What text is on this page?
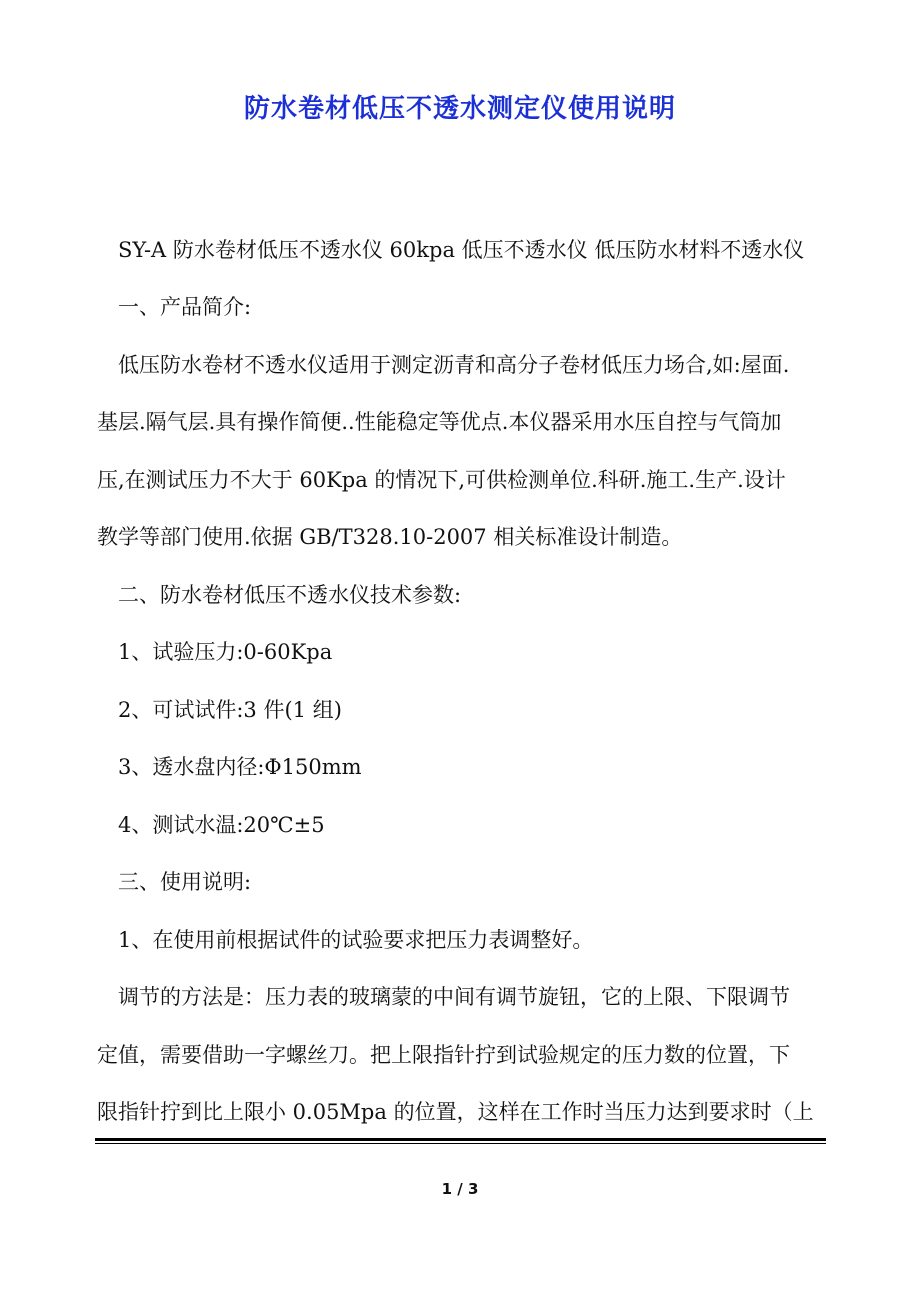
防水卷材低压不透水测定仪使用说明

SY-A 防水卷材低压不透水仪 60kpa 低压不透水仪 低压防水材料不透水仪

一、产品简介:

低压防水卷材不透水仪适用于测定沥青和高分子卷材低压力场合,如:屋面.

基层.隔气层.具有操作简便..性能稳定等优点.本仪器采用水压自控与气筒加

压,在测试压力不大于 60Kpa 的情况下,可供检测单位.科研.施工.生产.设计

教学等部门使用.依据 GB/T328.10-2007 相关标准设计制造。

二、防水卷材低压不透水仪技术参数:

1、试验压力:0-60Kpa

2、可试试件:3 件(1 组)

3、透水盘内径:Φ150mm

4、测试水温:20℃±5

三、使用说明:

1、在使用前根据试件的试验要求把压力表调整好。

调节的方法是：压力表的玻璃蒙的中间有调节旋钮，它的上限、下限调节

定值，需要借助一字螺丝刀。把上限指针拧到试验规定的压力数的位置，下

限指针拧到比上限小 0.05Mpa 的位置，这样在工作时当压力达到要求时（上

1 / 3
